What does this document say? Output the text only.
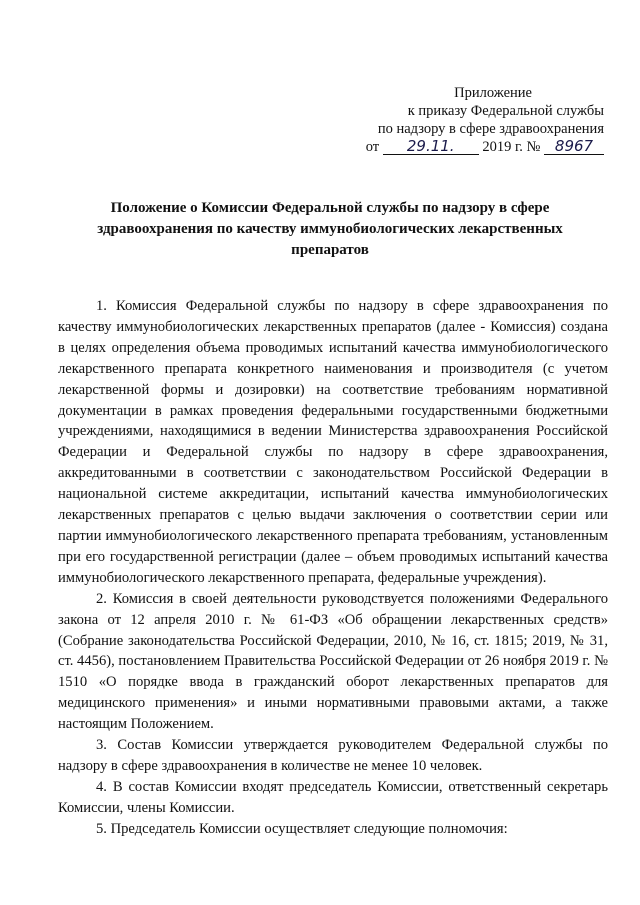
Приложение
к приказу Федеральной службы
по надзору в сфере здравоохранения
от 29.11. 2019 г. № 8967
Положение о Комиссии Федеральной службы по надзору в сфере здравоохранения по качеству иммунобиологических лекарственных препаратов

1. Комиссия Федеральной службы по надзору в сфере здравоохранения по качеству иммунобиологических лекарственных препаратов (далее - Комиссия) создана в целях определения объема проводимых испытаний качества иммунобиологического лекарственного препарата конкретного наименования и производителя (с учетом лекарственной формы и дозировки) на соответствие требованиям нормативной документации в рамках проведения федеральными государственными бюджетными учреждениями, находящимися в ведении Министерства здравоохранения Российской Федерации и Федеральной службы по надзору в сфере здравоохранения, аккредитованными в соответствии с законодательством Российской Федерации в национальной системе аккредитации, испытаний качества иммунобиологических лекарственных препаратов с целью выдачи заключения о соответствии серии или партии иммунобиологического лекарственного препарата требованиям, установленным при его государственной регистрации (далее – объем проводимых испытаний качества иммунобиологического лекарственного препарата, федеральные учреждения).

2. Комиссия в своей деятельности руководствуется положениями Федерального закона от 12 апреля 2010 г. № 61-ФЗ «Об обращении лекарственных средств» (Собрание законодательства Российской Федерации, 2010, № 16, ст. 1815; 2019, № 31, ст. 4456), постановлением Правительства Российской Федерации от 26 ноября 2019 г. № 1510 «О порядке ввода в гражданский оборот лекарственных препаратов для медицинского применения» и иными нормативными правовыми актами, а также настоящим Положением.

3. Состав Комиссии утверждается руководителем Федеральной службы по надзору в сфере здравоохранения в количестве не менее 10 человек.

4. В состав Комиссии входят председатель Комиссии, ответственный секретарь Комиссии, члены Комиссии.

5. Председатель Комиссии осуществляет следующие полномочия:
